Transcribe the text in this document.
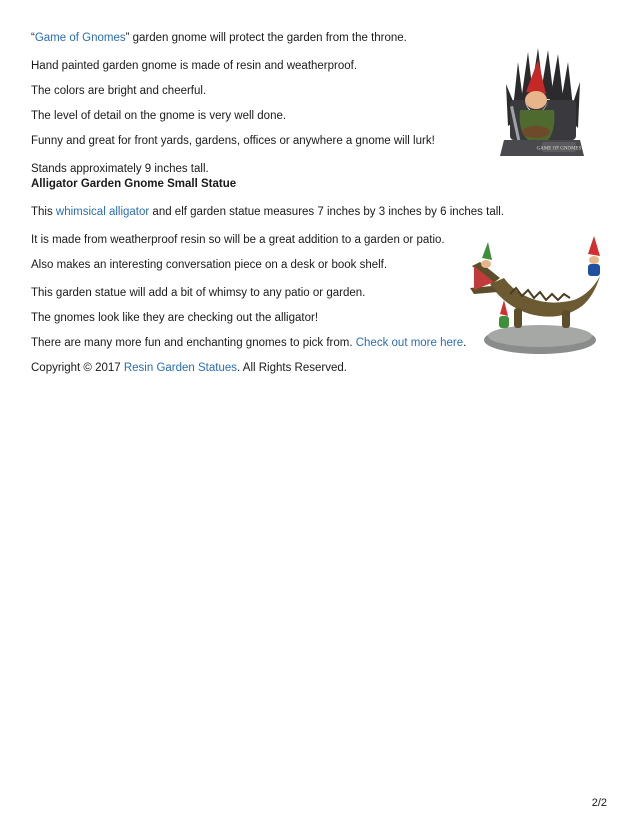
“Game of Gnomes” garden gnome will protect the garden from the throne.
Hand painted garden gnome is made of resin and weatherproof.
The colors are bright and cheerful.
The level of detail on the gnome is very well done.
Funny and great for front yards, gardens, offices or anywhere a gnome will lurk!
Stands approximately 9 inches tall.
Alligator Garden Gnome Small Statue
This whimsical alligator and elf garden statue measures 7 inches by 3 inches by 6 inches tall.
It is made from weatherproof resin so will be a great addition to a garden or patio.
Also makes an interesting conversation piece on a desk or book shelf.
This garden statue will add a bit of whimsy to any patio or garden.
The gnomes look like they are checking out the alligator!
There are many more fun and enchanting gnomes to pick from. Check out more here.
Copyright © 2017 Resin Garden Statues. All Rights Reserved.
GAME OF GNOMES
2/2
